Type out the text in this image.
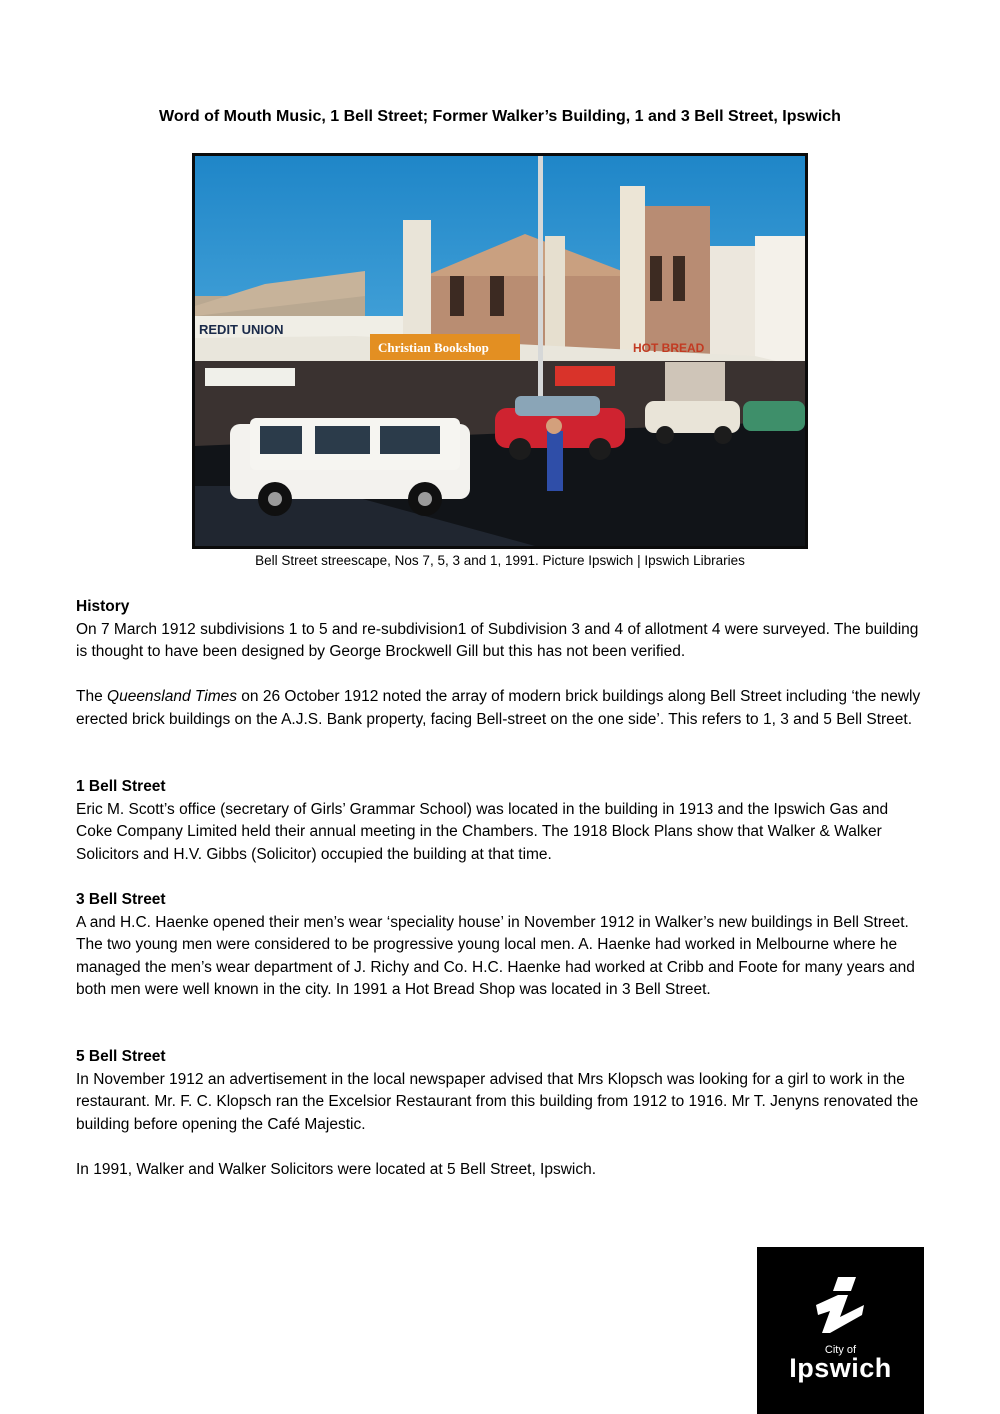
Word of Mouth Music, 1 Bell Street; Former Walker’s Building, 1 and 3 Bell Street, Ipswich
REDIT UNION
Christian Bookshop	HOT BREAD
Bell Street streescape, Nos 7, 5, 3 and 1, 1991. Picture Ipswich | Ipswich Libraries
History

On 7 March 1912 subdivisions 1 to 5 and re-subdivision1 of Subdivision 3 and 4 of allotment 4 were surveyed. The building is thought to have been designed by George Brockwell Gill but this has not been verified.

The Queensland Times on 26 October 1912 noted the array of modern brick buildings along Bell Street including ‘the newly erected brick buildings on the A.J.S. Bank property, facing Bell-street on the one side’. This refers to 1, 3 and 5 Bell Street.

1 Bell Street

Eric M. Scott’s office (secretary of Girls’ Grammar School) was located in the building in 1913 and the Ipswich Gas and Coke Company Limited held their annual meeting in the Chambers. The 1918 Block Plans show that Walker & Walker Solicitors and H.V. Gibbs (Solicitor) occupied the building at that time.

3 Bell Street

A and H.C. Haenke opened their men’s wear ‘speciality house’ in November 1912 in Walker’s new buildings in Bell Street. The two young men were considered to be progressive young local men. A. Haenke had worked in Melbourne where he managed the men’s wear department of J. Richy and Co. H.C. Haenke had worked at Cribb and Foote for many years and both men were well known in the city. In 1991 a Hot Bread Shop was located in 3 Bell Street.

5 Bell Street

In November 1912 an advertisement in the local newspaper advised that Mrs Klopsch was looking for a girl to work in the restaurant. Mr. F. C. Klopsch ran the Excelsior Restaurant from this building from 1912 to 1916. Mr T. Jenyns renovated the building before opening the Café Majestic.

In 1991, Walker and Walker Solicitors were located at 5 Bell Street, Ipswich.

City of
Ipswich
